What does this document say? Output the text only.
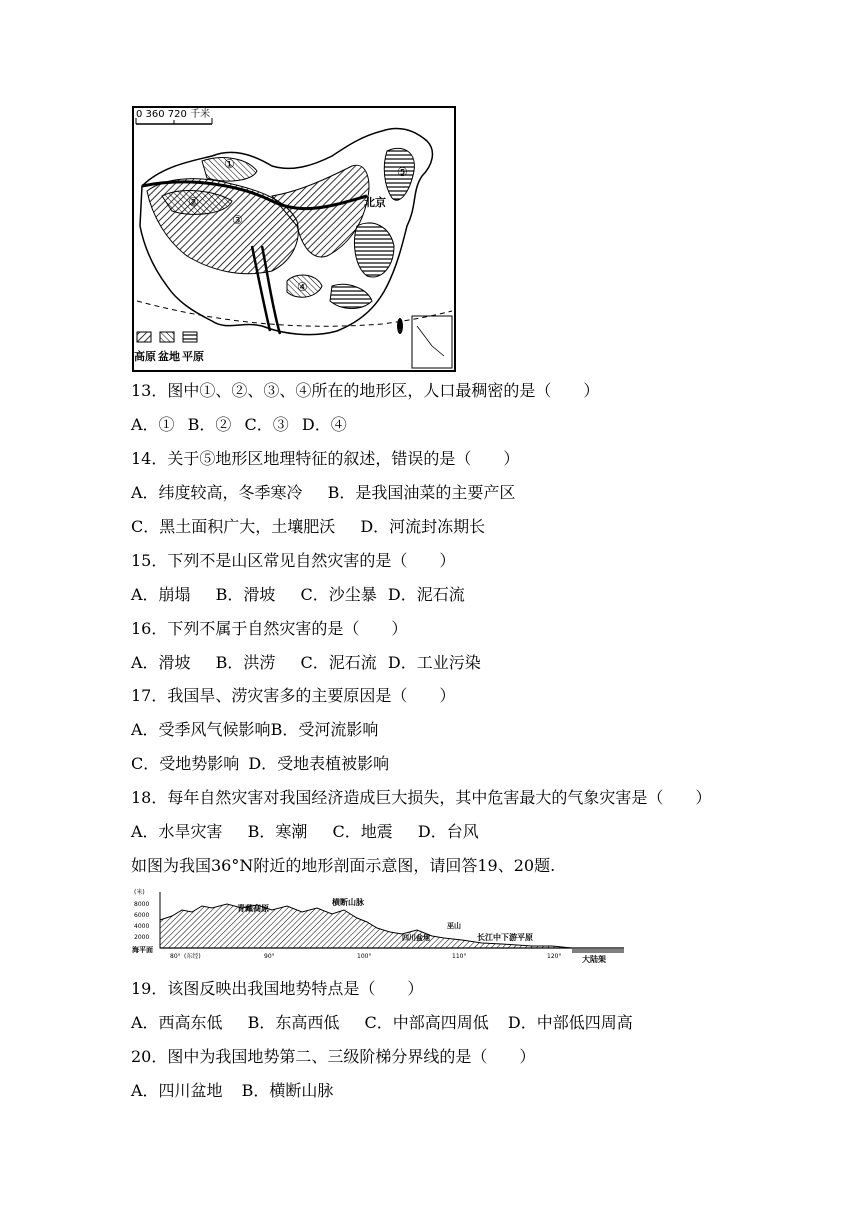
0 360 720 千米
①
②
③
④
⑤
北京
高原 盆地 平原
13．图中①、②、③、④所在的地形区，人口最稠密的是（　　）
A．① B．② C．③ D．④
14．关于⑤地形区地理特征的叙述，错误的是（　　）
A．纬度较高，冬季寒冷 B．是我国油菜的主要产区
C．黑土面积广大，土壤肥沃 D．河流封冻期长
15．下列不是山区常见自然灾害的是（　　）
A．崩塌 B．滑坡 C．沙尘暴 D．泥石流
16．下列不属于自然灾害的是（　　）
A．滑坡 B．洪涝 C．泥石流 D．工业污染
17．我国旱、涝灾害多的主要原因是（　　）
A．受季风气候影响B．受河流影响
C．受地势影响 D．受地表植被影响
18．每年自然灾害对我国经济造成巨大损失，其中危害最大的气象灾害是（　　）
A．水旱灾害 B．寒潮 C．地震 D．台风
如图为我国36°N附近的地形剖面示意图，请回答19、20题.
(米)
8000
6000
4000
2000
海平面
青藏高原
横断山脉
四川盆地
巫山
长江中下游平原
大陆架
80° (东经)	90°	100°	110°	120°
19．该图反映出我国地势特点是（　　）
A．西高东低 B．东高西低 C．中部高四周低 D．中部低四周高
20．图中为我国地势第二、三级阶梯分界线的是（　　）
A．四川盆地 B．横断山脉
